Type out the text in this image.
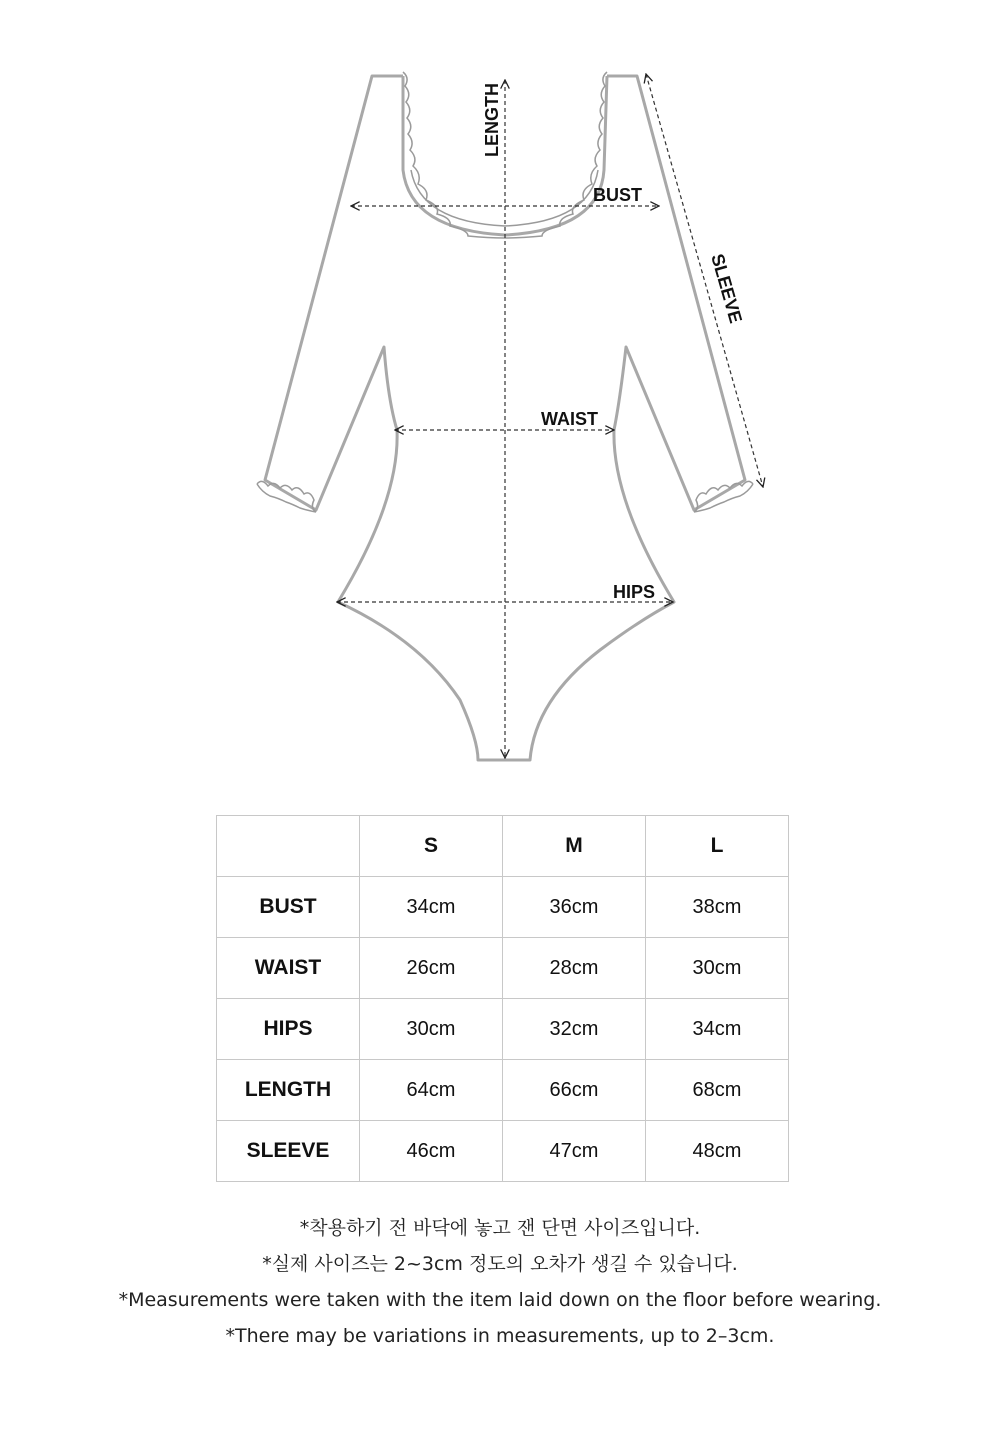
LENGTH
BUST
WAIST
HIPS
SLEEVE
	S	M	L
BUST	34cm	36cm	38cm
WAIST	26cm	28cm	30cm
HIPS	30cm	32cm	34cm
LENGTH	64cm	66cm	68cm
SLEEVE	46cm	47cm	48cm
*착용하기 전 바닥에 놓고 잰 단면 사이즈입니다.
*실제 사이즈는 2~3cm 정도의 오차가 생길 수 있습니다.
*Measurements were taken with the item laid down on the floor before wearing.
*There may be variations in measurements, up to 2–3cm.
